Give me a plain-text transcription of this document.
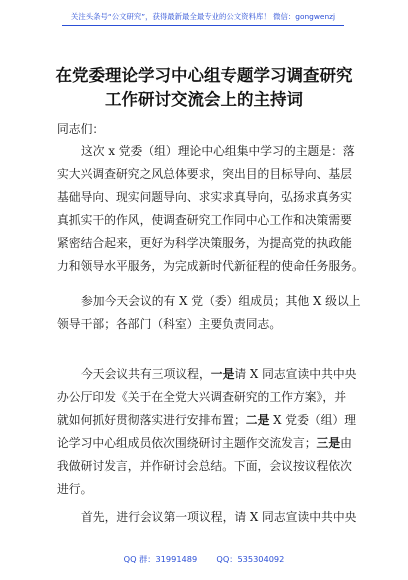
关注头条号“公文研究”，获得最新最全最专业的公文资料库！ 微信：gongwenzj
在党委理论学习中心组专题学习调查研究
工作研讨交流会上的主持词
同志们：
这次 x 党委（组）理论中心组集中学习的主题是：落
实大兴调查研究之风总体要求，突出目的目标导向、基层
基础导向、现实问题导向、求实求真导向，弘扬求真务实
真抓实干的作风，使调查研究工作同中心工作和决策需要
紧密结合起来，更好为科学决策服务，为提高党的执政能
力和领导水平服务，为完成新时代新征程的使命任务服务。
参加今天会议的有 X 党（委）组成员；其他 X 级以上
领导干部；各部门（科室）主要负责同志。
今天会议共有三项议程，一是请 X 同志宣读中共中央
办公厅印发《关于在全党大兴调查研究的工作方案》，并
就如何抓好贯彻落实进行安排布置；二是 X 党委（组）理
论学习中心组成员依次围绕研讨主题作交流发言；三是由
我做研讨发言，并作研讨会总结。下面，会议按议程依次
进行。
首先，进行会议第一项议程，请 X 同志宣读中共中央
QQ 群：31991489 QQ：535304092
